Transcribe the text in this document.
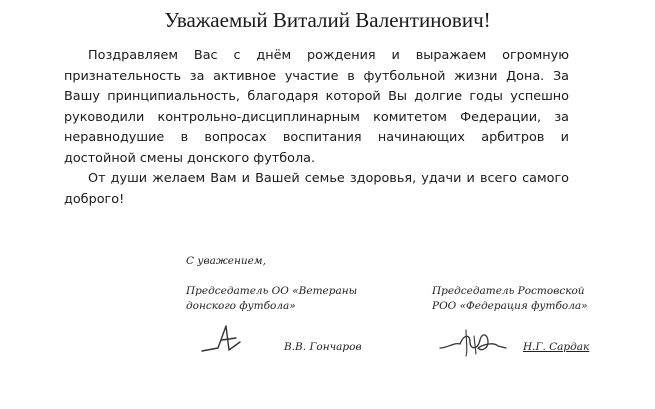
Уважаемый Виталий Валентинович!

Поздравляем Вас с днём рождения и выражаем огромную признательность за активное участие в футбольной жизни Дона. За Вашу принципиальность, благодаря которой Вы долгие годы успешно руководили контрольно-дисциплинарным комитетом Федерации, за неравнодушие в вопросах воспитания начинающих арбитров и достойной смены донского футбола.

От души желаем Вам и Вашей семье здоровья, удачи и всего самого доброго!

С уважением,
Председатель ОО «Ветераны
донского футбола»
Председатель Ростовской
РОО «Федерация футбола»
В.В. Гончаров	Н.Г. Сардак
